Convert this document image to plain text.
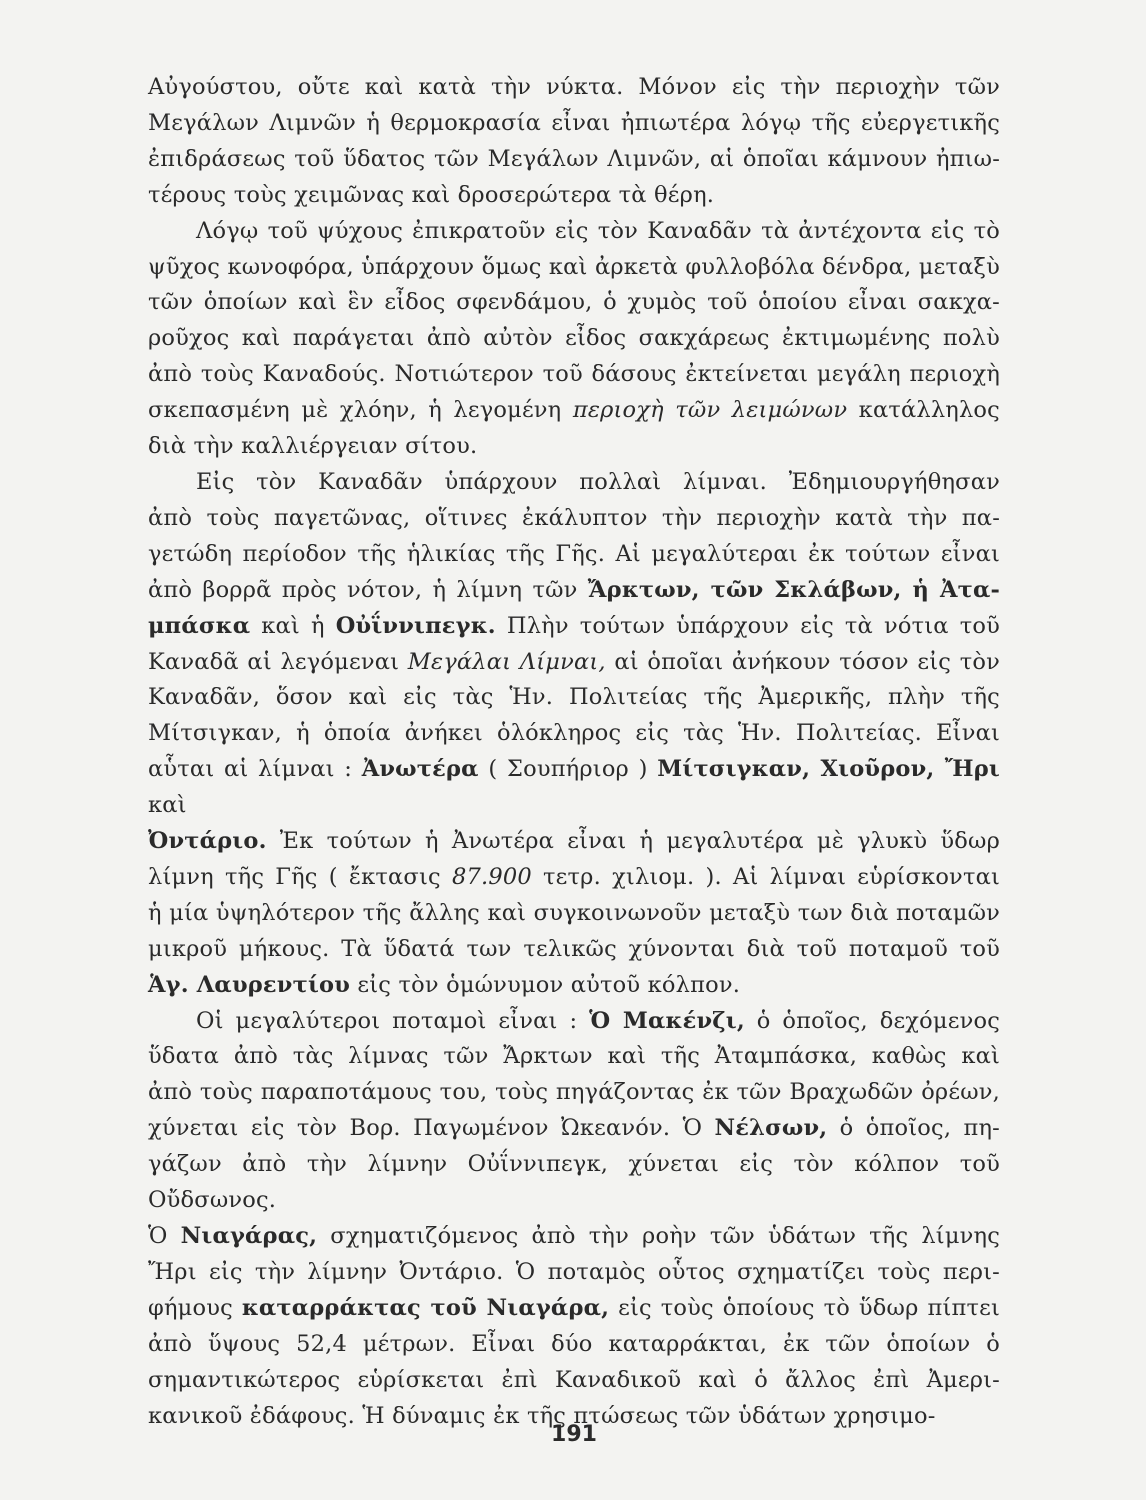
Αὐγούστου, οὔτε καὶ κατὰ τὴν νύκτα. Μόνον εἰς τὴν περιοχὴν τῶν

Μεγάλων Λιμνῶν ἡ θερμοκρασία εἶναι ἠπιωτέρα λόγῳ τῆς εὐεργετικῆς

ἐπιδράσεως τοῦ ὕδατος τῶν Μεγάλων Λιμνῶν, αἱ ὁποῖαι κάμνουν ἠπιω-

τέρους τοὺς χειμῶνας καὶ δροσερώτερα τὰ θέρη.

Λόγῳ τοῦ ψύχους ἐπικρατοῦν εἰς τὸν Καναδᾶν τὰ ἀντέχοντα εἰς τὸ

ψῦχος κωνοφόρα, ὑπάρχουν ὅμως καὶ ἀρκετὰ φυλλοβόλα δένδρα, μεταξὺ

τῶν ὁποίων καὶ ἓν εἶδος σφενδάμου, ὁ χυμὸς τοῦ ὁποίου εἶναι σακχα-

ροῦχος καὶ παράγεται ἀπὸ αὐτὸν εἶδος σακχάρεως ἐκτιμωμένης πολὺ

ἀπὸ τοὺς Καναδούς. Νοτιώτερον τοῦ δάσους ἐκτείνεται μεγάλη περιοχὴ

σκεπασμένη μὲ χλόην, ἡ λεγομένη περιοχὴ τῶν λειμώνων κατάλληλος

διὰ τὴν καλλιέργειαν σίτου.

Εἰς τὸν Καναδᾶν ὑπάρχουν πολλαὶ λίμναι. Ἐδημιουργήθησαν

ἀπὸ τοὺς παγετῶνας, οἵτινες ἐκάλυπτον τὴν περιοχὴν κατὰ τὴν πα-

γετώδη περίοδον τῆς ἡλικίας τῆς Γῆς. Αἱ μεγαλύτεραι ἐκ τούτων εἶναι

ἀπὸ βορρᾶ πρὸς νότον, ἡ λίμνη τῶν Ἄρκτων, τῶν Σκλάβων, ἡ Ἀτα-

μπάσκα καὶ ἡ Οὐΐννιπεγκ. Πλὴν τούτων ὑπάρχουν εἰς τὰ νότια τοῦ

Καναδᾶ αἱ λεγόμεναι Μεγάλαι Λίμναι, αἱ ὁποῖαι ἀνήκουν τόσον εἰς τὸν

Καναδᾶν, ὅσον καὶ εἰς τὰς Ἡν. Πολιτείας τῆς Ἀμερικῆς, πλὴν τῆς

Μίτσιγκαν, ἡ ὁποία ἀνήκει ὁλόκληρος εἰς τὰς Ἡν. Πολιτείας. Εἶναι

αὗται αἱ λίμναι : Ἀνωτέρα ( Σουπήριορ ) Μίτσιγκαν, Χιοῦρον, Ἤρι καὶ

Ὀντάριο. Ἐκ τούτων ἡ Ἀνωτέρα εἶναι ἡ μεγαλυτέρα μὲ γλυκὺ ὕδωρ

λίμνη τῆς Γῆς ( ἔκτασις 87.900 τετρ. χιλιομ. ). Αἱ λίμναι εὑρίσκονται

ἡ μία ὑψηλότερον τῆς ἄλλης καὶ συγκοινωνοῦν μεταξὺ των διὰ ποταμῶν

μικροῦ μήκους. Τὰ ὕδατά των τελικῶς χύνονται διὰ τοῦ ποταμοῦ τοῦ

Ἁγ. Λαυρεντίου εἰς τὸν ὁμώνυμον αὐτοῦ κόλπον.

Οἱ μεγαλύτεροι ποταμοὶ εἶναι : Ὁ Μακένζι, ὁ ὁποῖος, δεχόμενος

ὕδατα ἀπὸ τὰς λίμνας τῶν Ἄρκτων καὶ τῆς Ἀταμπάσκα, καθὼς καὶ

ἀπὸ τοὺς παραποτάμους του, τοὺς πηγάζοντας ἐκ τῶν Βραχωδῶν ὀρέων,

χύνεται εἰς τὸν Βορ. Παγωμένον Ὠκεανόν. Ὁ Νέλσων, ὁ ὁποῖος, πη-

γάζων ἀπὸ τὴν λίμνην Οὐΐννιπεγκ, χύνεται εἰς τὸν κόλπον τοῦ Οὔδσωνος.

Ὁ Νιαγάρας, σχηματιζόμενος ἀπὸ τὴν ροὴν τῶν ὑδάτων τῆς λίμνης

Ἤρι εἰς τὴν λίμνην Ὀντάριο. Ὁ ποταμὸς οὗτος σχηματίζει τοὺς περι-

φήμους καταρράκτας τοῦ Νιαγάρα, εἰς τοὺς ὁποίους τὸ ὕδωρ πίπτει

ἀπὸ ὕψους 52,4 μέτρων. Εἶναι δύο καταρράκται, ἐκ τῶν ὁποίων ὁ

σημαντικώτερος εὑρίσκεται ἐπὶ Καναδικοῦ καὶ ὁ ἄλλος ἐπὶ Ἀμερι-

κανικοῦ ἐδάφους. Ἡ δύναμις ἐκ τῆς πτώσεως τῶν ὑδάτων χρησιμο-

191
